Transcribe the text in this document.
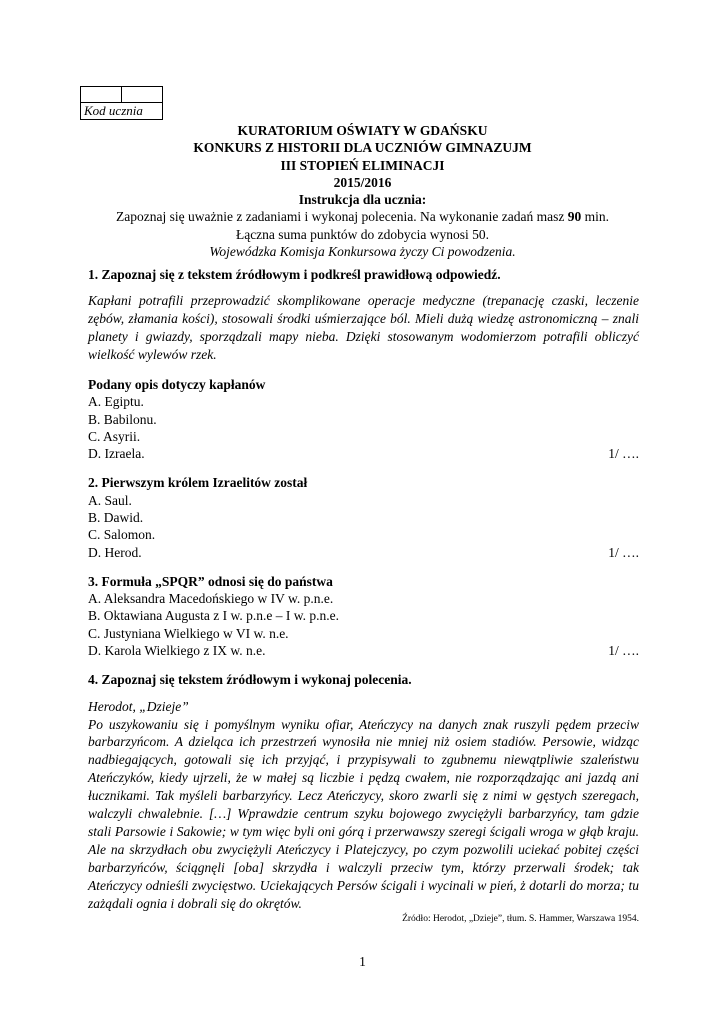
Kod ucznia
KURATORIUM OŚWIATY W GDAŃSKU
KONKURS Z HISTORII DLA UCZNIÓW GIMNAZUJM
III STOPIEŃ ELIMINACJI
2015/2016
Instrukcja dla ucznia:
Zapoznaj się uważnie z zadaniami i wykonaj polecenia. Na wykonanie zadań masz 90 min.
Łączna suma punktów do zdobycia wynosi 50.
Wojewódzka Komisja Konkursowa życzy Ci powodzenia.

1. Zapoznaj się z tekstem źródłowym i podkreśl prawidłową odpowiedź.

Kapłani potrafili przeprowadzić skomplikowane operacje medyczne (trepanację czaski, leczenie zębów, złamania kości), stosowali środki uśmierzające ból. Mieli dużą wiedzę astronomiczną – znali planety i gwiazdy, sporządzali mapy nieba. Dzięki stosowanym wodomierzom potrafili obliczyć wielkość wylewów rzek.

Podany opis dotyczy kapłanów

A. Egiptu.

B. Babilonu.

C. Asyrii.

D. Izraela.	1/ ….

2. Pierwszym królem Izraelitów został

A. Saul.

B. Dawid.

C. Salomon.

D. Herod.	1/ ….

3. Formuła „SPQR” odnosi się do państwa

A. Aleksandra Macedońskiego w IV w. p.n.e.

B. Oktawiana Augusta z I w. p.n.e – I w. p.n.e.

C. Justyniana Wielkiego w VI w. n.e.

D. Karola Wielkiego z IX w. n.e.	1/ ….

4. Zapoznaj się tekstem źródłowym i wykonaj polecenia.

Herodot, „Dzieje”

Po uszykowaniu się i pomyślnym wyniku ofiar, Ateńczycy na danych znak ruszyli pędem przeciw barbarzyńcom. A dzieląca ich przestrzeń wynosiła nie mniej niż osiem stadiów. Persowie, widząc nadbiegających, gotowali się ich przyjąć, i przypisywali to zgubnemu niewątpliwie szaleństwu Ateńczyków, kiedy ujrzeli, że w małej są liczbie i pędzą cwałem, nie rozporządzając ani jazdą ani łucznikami. Tak myśleli barbarzyńcy. Lecz Ateńczycy, skoro zwarli się z nimi w gęstych szeregach, walczyli chwalebnie. […] Wprawdzie centrum szyku bojowego zwyciężyli barbarzyńcy, tam gdzie stali Parsowie i Sakowie; w tym więc byli oni górą i przerwawszy szeregi ścigali wroga w głąb kraju. Ale na skrzydłach obu zwyciężyli Ateńczycy i Platejczycy, po czym pozwolili uciekać pobitej części barbarzyńców, ściągnęli [oba] skrzydła i walczyli przeciw tym, którzy przerwali środek; tak Ateńczycy odnieśli zwycięstwo. Uciekających Persów ścigali i wycinali w pień, ż dotarli do morza; tu zażądali ognia i dobrali się do okrętów.

Źródło: Herodot, „Dzieje”, tłum. S. Hammer, Warszawa 1954.
1
